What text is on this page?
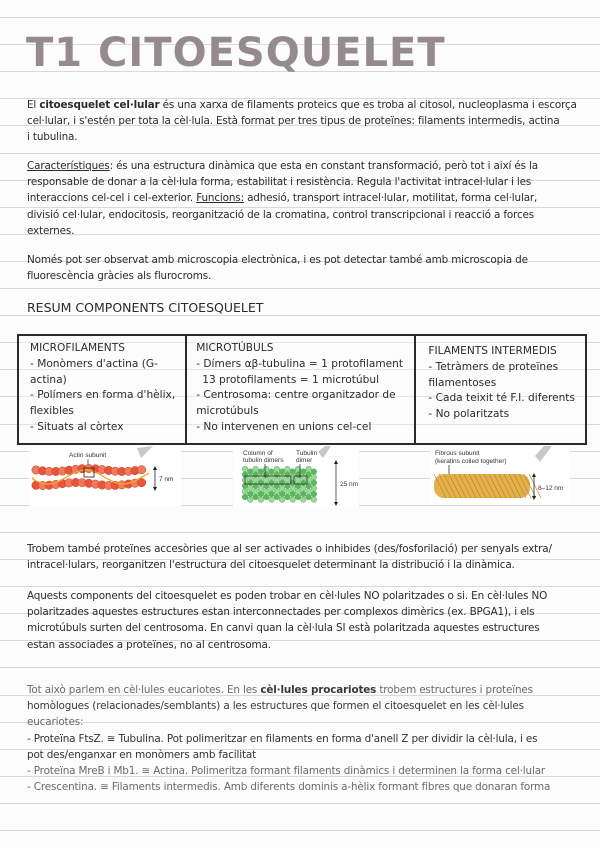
T1 CITOESQUELET
El citoesquelet cel·lular és una xarxa de filaments proteics que es troba al citosol, nucleoplasma i escorça
cel·lular, i s'estén per tota la cèl·lula. Està format per tres tipus de proteïnes: filaments intermedis, actina
i tubulina.
Característiques: és una estructura dinàmica que esta en constant transformació, però tot i així és la
responsable de donar a la cèl·lula forma, estabilitat i resistència. Regula l'activitat intracel·lular i les
interaccions cel-cel i cel-exterior. Funcions: adhesió, transport intracel·lular, motilitat, forma cel·lular,
divisió cel·lular, endocitosis, reorganització de la cromatina, control transcripcional i reacció a forces
externes.
Només pot ser observat amb microscopia electrònica, i es pot detectar també amb microscopia de
fluorescència gràcies als flurocroms.
RESUM COMPONENTS CITOESQUELET
MICROFILAMENTS
- Monòmers d'actina (G-
actina)
- Polímers en forma d'hèlix,
flexibles
- Situats al còrtex
MICROTÚBULS
- Dímers αβ-tubulina = 1 protofilament
13 protofilaments = 1 microtúbul
- Centrosoma: centre organitzador de
microtúbuls
- No intervenen en unions cel-cel
FILAMENTS INTERMEDIS
- Tetràmers de proteïnes
filamentoses
- Cada teixit té F.I. diferents
- No polaritzats
Actin subunit
7 nm
Column of
tubulin dimers
Tubulin
dimer
25 nm
Fibrous subunit
(keratins coiled together)
8–12 nm
Trobem també proteïnes accesòries que al ser activades o inhibides (des/fosforilació) per senyals extra/
intracel·lulars, reorganitzen l'estructura del citoesquelet determinant la distribució i la dinàmica.
Aquests components del citoesquelet es poden trobar en cèl·lules NO polaritzades o si. En cèl·lules NO
polaritzades aquestes estructures estan interconnectades per complexos dimèrics (ex. BPGA1), i els
microtúbuls surten del centrosoma. En canvi quan la cèl·lula SI està polaritzada aquestes estructures
estan associades a proteïnes, no al centrosoma.
Tot això parlem en cèl·lules eucariotes. En les cèl·lules procariotes trobem estructures i proteïnes
homòlogues (relacionades/semblants) a les estructures que formen el citoesquelet en les cèl·lules
eucariotes:
- Proteïna FtsZ. ≅ Tubulina. Pot polimeritzar en filaments en forma d'anell Z per dividir la cèl·lula, i es
pot des/enganxar en monòmers amb facilitat
- Proteïna MreB i Mb1. ≅ Actina. Polimeritza formant filaments dinàmics i determinen la forma cel·lular
- Crescentina. ≅ Filaments intermedis. Amb diferents dominis a-hèlix formant fibres que donaran forma
